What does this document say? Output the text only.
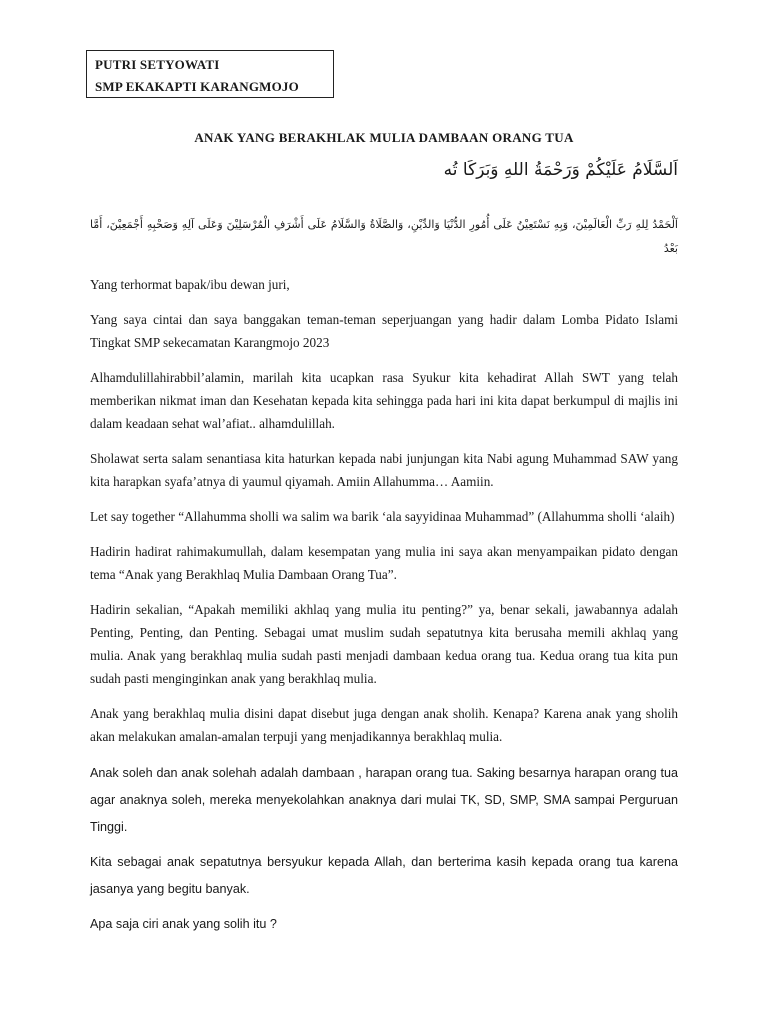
PUTRI SETYOWATI
SMP EKAKAPTI KARANGMOJO
ANAK YANG BERAKHLAK MULIA DAMBAAN ORANG TUA
اَلسَّلَامُ عَلَيْكُمْ وَرَحْمَةُ اللهِ وَبَرَكَا تُه
اَلْحَمْدُ لِلهِ رَبِّ الْعَالَمِيْنَ، وَبِهِ نَسْتَعِيْنُ عَلَى أُمُورِ الدُّنْيَا وَالدِّيْنِ، وَالصَّلَاةُ وَالسَّلَامُ عَلَى أَشْرَفِ الْمُرْسَلِيْنَ وَعَلَى آلِهِ وَصَحْبِهِ أَجْمَعِيْنَ، أَمَّا بَعْدُ

Yang terhormat bapak/ibu dewan juri,

Yang saya cintai dan saya banggakan teman-teman seperjuangan yang hadir dalam Lomba Pidato Islami Tingkat SMP sekecamatan Karangmojo 2023

Alhamdulillahirabbil’alamin, marilah kita ucapkan rasa Syukur kita kehadirat Allah SWT yang telah memberikan nikmat iman dan Kesehatan kepada kita sehingga pada hari ini kita dapat berkumpul di majlis ini dalam keadaan sehat wal’afiat.. alhamdulillah.

Sholawat serta salam senantiasa kita haturkan kepada nabi junjungan kita Nabi agung Muhammad SAW yang kita harapkan syafa’atnya di yaumul qiyamah. Amiin Allahumma… Aamiin.

Let say together “Allahumma sholli wa salim wa barik ‘ala sayyidinaa Muhammad” (Allahumma sholli ‘alaih)

Hadirin hadirat rahimakumullah, dalam kesempatan yang mulia ini saya akan menyampaikan pidato dengan tema “Anak yang Berakhlaq Mulia Dambaan Orang Tua”.

Hadirin sekalian, “Apakah memiliki akhlaq yang mulia itu penting?” ya, benar sekali, jawabannya adalah Penting, Penting, dan Penting. Sebagai umat muslim sudah sepatutnya kita berusaha memili akhlaq yang mulia. Anak yang berakhlaq mulia sudah pasti menjadi dambaan kedua orang tua. Kedua orang tua kita pun sudah pasti menginginkan anak yang berakhlaq mulia.

Anak yang berakhlaq mulia disini dapat disebut juga dengan anak sholih. Kenapa? Karena anak yang sholih akan melakukan amalan-amalan terpuji yang menjadikannya berakhlaq mulia.

Anak soleh dan anak solehah adalah dambaan , harapan orang tua. Saking besarnya harapan orang tua agar anaknya soleh, mereka menyekolahkan anaknya dari mulai TK, SD, SMP, SMA sampai Perguruan Tinggi.

Kita sebagai anak sepatutnya bersyukur kepada Allah, dan berterima kasih kepada orang tua karena jasanya yang begitu banyak.

Apa saja ciri anak yang solih itu ?
